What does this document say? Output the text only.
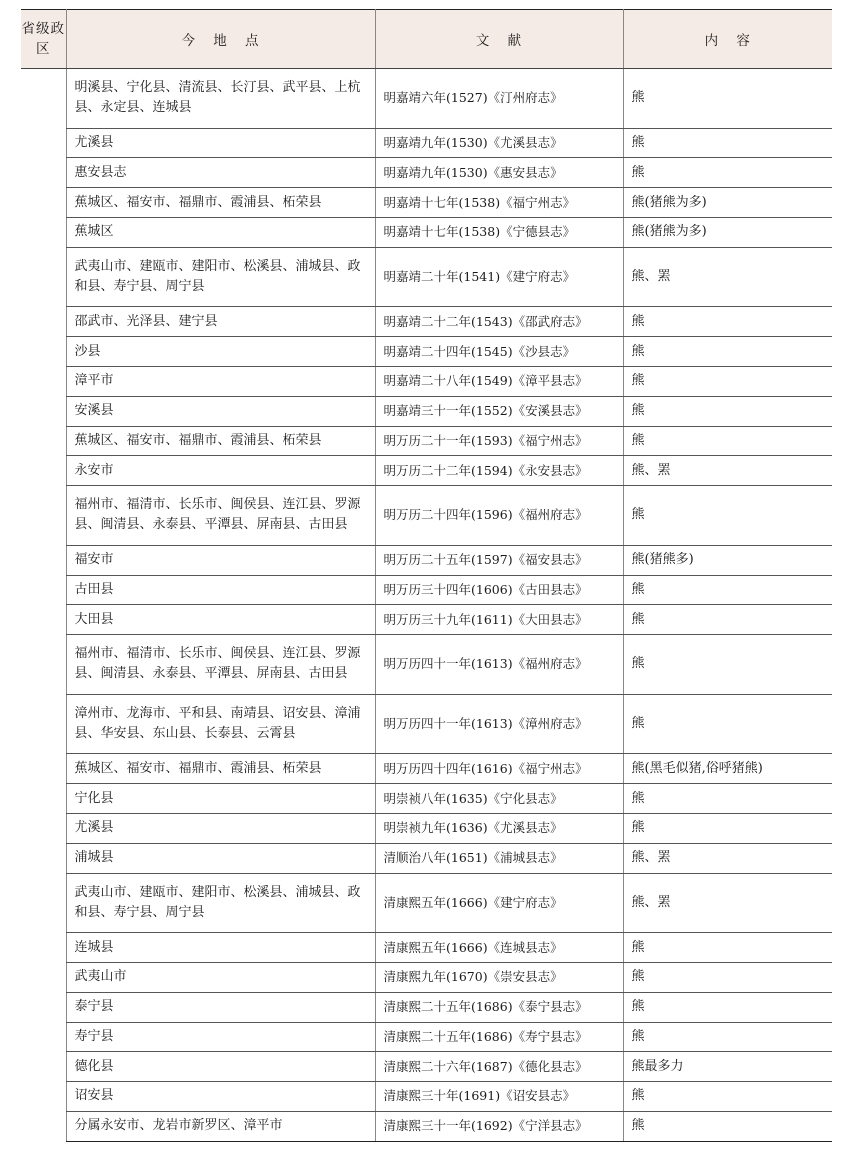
省级政区	今 地 点	文 献	内 容
	明溪县、宁化县、清流县、长汀县、武平县、上杭县、永定县、连城县	明嘉靖六年(1527)《汀州府志》	熊
	尤溪县	明嘉靖九年(1530)《尤溪县志》	熊
	惠安县志	明嘉靖九年(1530)《惠安县志》	熊
	蕉城区、福安市、福鼎市、霞浦县、柘荣县	明嘉靖十七年(1538)《福宁州志》	熊(猪熊为多)
	蕉城区	明嘉靖十七年(1538)《宁德县志》	熊(猪熊为多)
	武夷山市、建瓯市、建阳市、松溪县、浦城县、政和县、寿宁县、周宁县	明嘉靖二十年(1541)《建宁府志》	熊、罴
	邵武市、光泽县、建宁县	明嘉靖二十二年(1543)《邵武府志》	熊
	沙县	明嘉靖二十四年(1545)《沙县志》	熊
	漳平市	明嘉靖二十八年(1549)《漳平县志》	熊
	安溪县	明嘉靖三十一年(1552)《安溪县志》	熊
	蕉城区、福安市、福鼎市、霞浦县、柘荣县	明万历二十一年(1593)《福宁州志》	熊
	永安市	明万历二十二年(1594)《永安县志》	熊、罴
	福州市、福清市、长乐市、闽侯县、连江县、罗源县、闽清县、永泰县、平潭县、屏南县、古田县	明万历二十四年(1596)《福州府志》	熊
	福安市	明万历二十五年(1597)《福安县志》	熊(猪熊多)
	古田县	明万历三十四年(1606)《古田县志》	熊
	大田县	明万历三十九年(1611)《大田县志》	熊
	福州市、福清市、长乐市、闽侯县、连江县、罗源县、闽清县、永泰县、平潭县、屏南县、古田县	明万历四十一年(1613)《福州府志》	熊
	漳州市、龙海市、平和县、南靖县、诏安县、漳浦县、华安县、东山县、长泰县、云霄县	明万历四十一年(1613)《漳州府志》	熊
	蕉城区、福安市、福鼎市、霞浦县、柘荣县	明万历四十四年(1616)《福宁州志》	熊(黑毛似猪,俗呼猪熊)
	宁化县	明崇祯八年(1635)《宁化县志》	熊
	尤溪县	明崇祯九年(1636)《尤溪县志》	熊
	浦城县	清顺治八年(1651)《浦城县志》	熊、罴
	武夷山市、建瓯市、建阳市、松溪县、浦城县、政和县、寿宁县、周宁县	清康熙五年(1666)《建宁府志》	熊、罴
	连城县	清康熙五年(1666)《连城县志》	熊
	武夷山市	清康熙九年(1670)《崇安县志》	熊
	泰宁县	清康熙二十五年(1686)《泰宁县志》	熊
	寿宁县	清康熙二十五年(1686)《寿宁县志》	熊
	德化县	清康熙二十六年(1687)《德化县志》	熊最多力
	诏安县	清康熙三十年(1691)《诏安县志》	熊
	分属永安市、龙岩市新罗区、漳平市	清康熙三十一年(1692)《宁洋县志》	熊
